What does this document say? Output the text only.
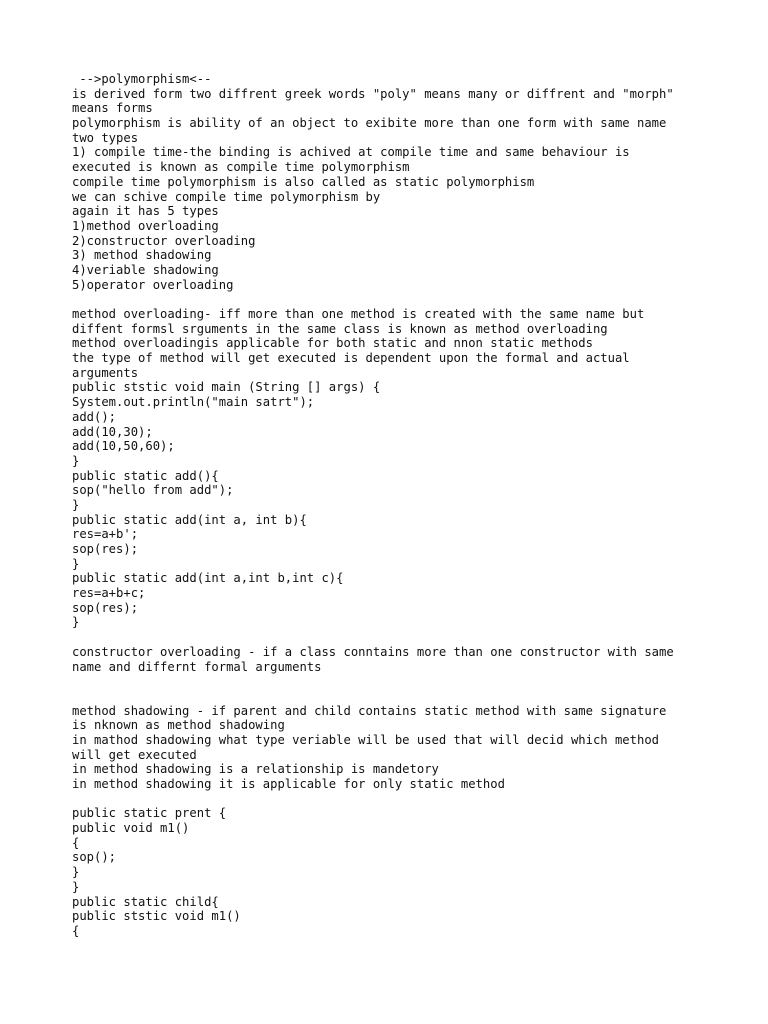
-->polymorphism<--
is derived form two diffrent greek words "poly" means many or diffrent and "morph"
means forms
polymorphism is ability of an object to exibite more than one form with same name
two types
1) compile time-the binding is achived at compile time and same behaviour is
executed is known as compile time polymorphism
compile time polymorphism is also called as static polymorphism
we can schive compile time polymorphism by
again it has 5 types
1)method overloading
2)constructor overloading
3) method shadowing
4)veriable shadowing
5)operator overloading
method overloading- iff more than one method is created with the same name but
diffent formsl srguments in the same class is known as method overloading
method overloadingis applicable for both static and nnon static methods
the type of method will get executed is dependent upon the formal and actual
arguments
public ststic void main (String [] args) {
System.out.println("main satrt");
add();
add(10,30);
add(10,50,60);
}
public static add(){
sop("hello from add");
}
public static add(int a, int b){
res=a+b';
sop(res);
}
public static add(int a,int b,int c){
res=a+b+c;
sop(res);
}
constructor overloading - if a class conntains more than one constructor with same
name and differnt formal arguments
method shadowing - if parent and child contains static method with same signature
is nknown as method shadowing
in mathod shadowing what type veriable will be used that will decid which method
will get executed
in method shadowing is a relationship is mandetory
in method shadowing it is applicable for only static method
public static prent {
public void m1()
{
sop();
}
}
public static child{
public ststic void m1()
{
